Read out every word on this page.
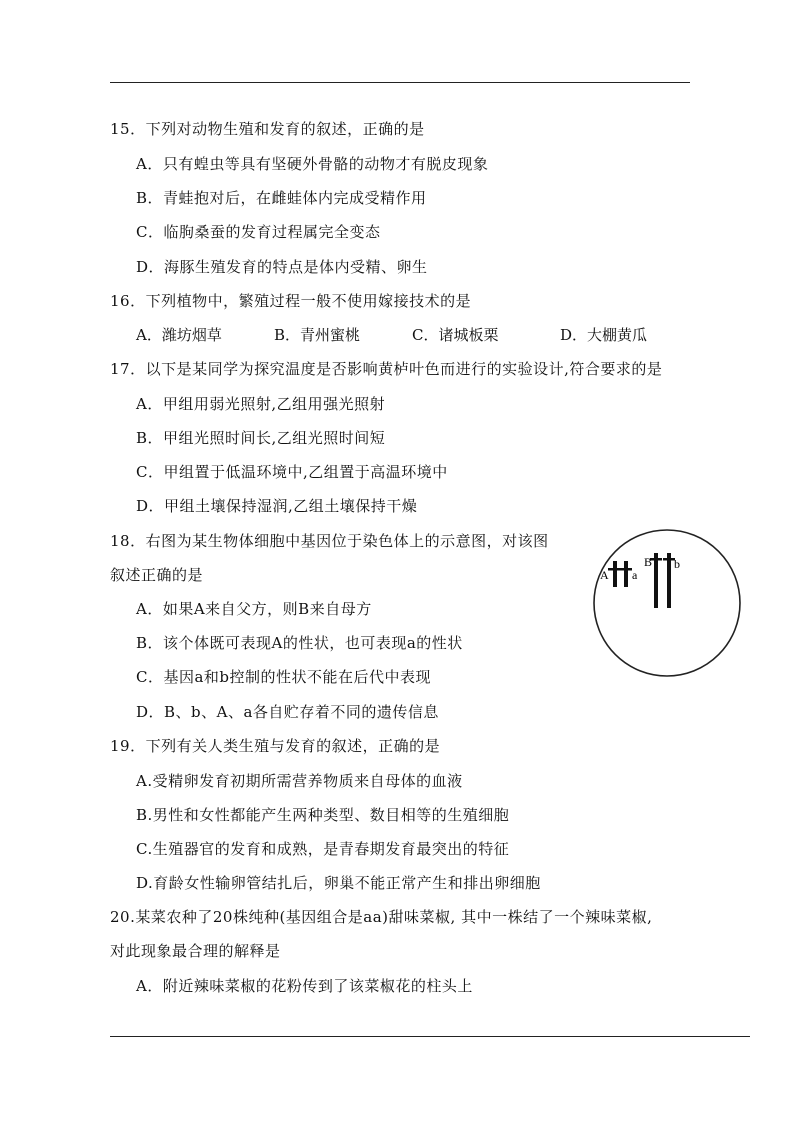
15．下列对动物生殖和发育的叙述，正确的是
A．只有蝗虫等具有坚硬外骨骼的动物才有脱皮现象
B．青蛙抱对后，在雌蛙体内完成受精作用
C．临朐桑蚕的发育过程属完全变态
D．海豚生殖发育的特点是体内受精、卵生
16．下列植物中，繁殖过程一般不使用嫁接技术的是
A．潍坊烟草	B．青州蜜桃	C．诸城板栗	D．大棚黄瓜
17．以下是某同学为探究温度是否影响黄栌叶色而进行的实验设计,符合要求的是
A．甲组用弱光照射,乙组用强光照射
B．甲组光照时间长,乙组光照时间短
C．甲组置于低温环境中,乙组置于高温环境中
D．甲组土壤保持湿润,乙组土壤保持干燥
18．右图为某生物体细胞中基因位于染色体上的示意图，对该图
叙述正确的是
A．如果A来自父方，则B来自母方
B．该个体既可表现A的性状，也可表现a的性状
C．基因a和b控制的性状不能在后代中表现
D．B、b、A、a各自贮存着不同的遗传信息
A a
B b
19．下列有关人类生殖与发育的叙述，正确的是
A.受精卵发育初期所需营养物质来自母体的血液
B.男性和女性都能产生两种类型、数目相等的生殖细胞
C.生殖器官的发育和成熟，是青春期发育最突出的特征
D.育龄女性输卵管结扎后，卵巢不能正常产生和排出卵细胞
20.某菜农种了20株纯种(基因组合是aa)甜味菜椒, 其中一株结了一个辣味菜椒,
对此现象最合理的解释是
A．附近辣味菜椒的花粉传到了该菜椒花的柱头上
